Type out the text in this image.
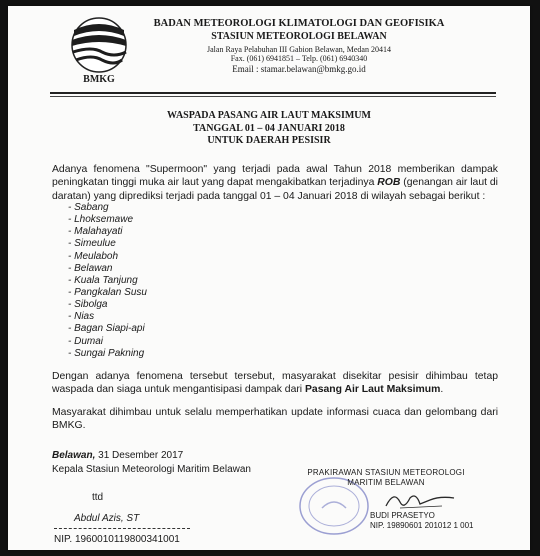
BMKG
BADAN METEOROLOGI KLIMATOLOGI DAN GEOFISIKA
STASIUN METEOROLOGI BELAWAN
Jalan Raya Pelabuhan III Gabion Belawan, Medan 20414
Fax. (061) 6941851 – Telp. (061) 6940340
Email : stamar.belawan@bmkg.go.id
WASPADA PASANG AIR LAUT MAKSIMUM
TANGGAL 01 – 04 JANUARI 2018
UNTUK DAERAH PESISIR
Adanya fenomena "Supermoon" yang terjadi pada awal Tahun 2018 memberikan dampak peningkatan tinggi muka air laut yang dapat mengakibatkan terjadinya ROB (genangan air laut di daratan) yang diprediksi terjadi pada tanggal 01 – 04 Januari 2018 di wilayah sebagai berikut :
- Sabang
- Lhoksemawe
- Malahayati
- Simeulue
- Meulaboh
- Belawan
- Kuala Tanjung
- Pangkalan Susu
- Sibolga
- Nias
- Bagan Siapi-api
- Dumai
- Sungai Pakning
Dengan adanya fenomena tersebut tersebut, masyarakat disekitar pesisir dihimbau tetap waspada dan siaga untuk mengantisipasi dampak dari Pasang Air Laut Maksimum.
Masyarakat dihimbau untuk selalu memperhatikan update informasi cuaca dan gelombang dari BMKG.
Belawan, 31 Desember 2017
Kepala Stasiun Meteorologi Maritim Belawan
ttd
Abdul Azis, ST
NIP. 196001011980034100​1
PRAKIRAWAN STASIUN METEOROLOGI
MARITIM BELAWAN
BUDI PRASETYO
NIP. 19890601 201012 1 001
